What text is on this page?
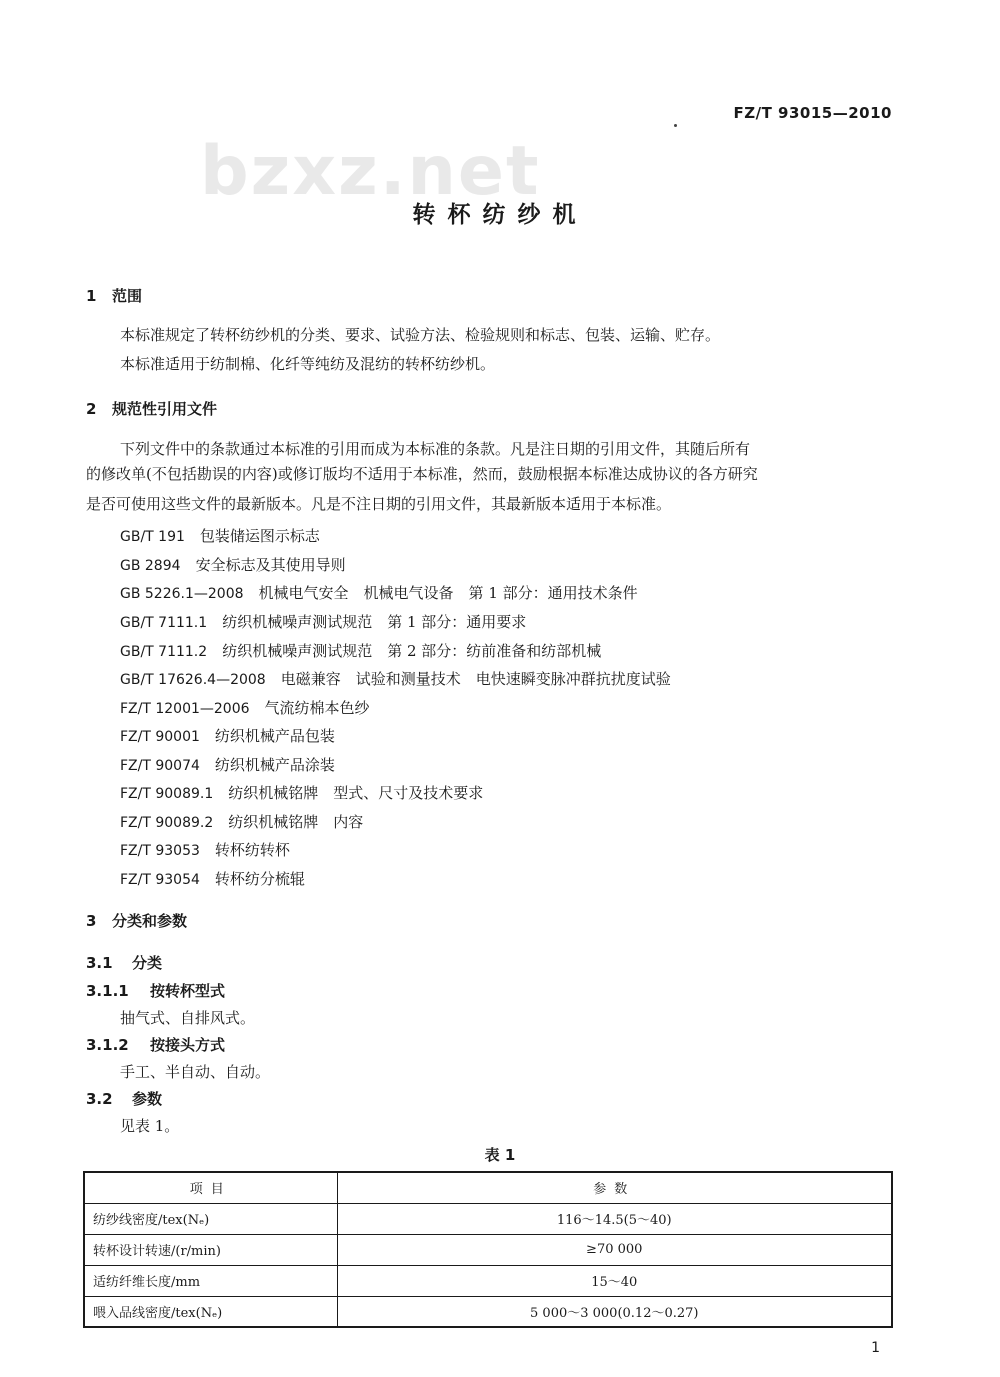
FZ/T 93015—2010
bzxz.net
转杯纺纱机
1 范围
本标准规定了转杯纺纱机的分类、要求、试验方法、检验规则和标志、包装、运输、贮存。
本标准适用于纺制棉、化纤等纯纺及混纺的转杯纺纱机。
2 规范性引用文件
下列文件中的条款通过本标准的引用而成为本标准的条款。凡是注日期的引用文件，其随后所有
的修改单(不包括勘误的内容)或修订版均不适用于本标准，然而，鼓励根据本标准达成协议的各方研究
是否可使用这些文件的最新版本。凡是不注日期的引用文件，其最新版本适用于本标准。
GB/T 191　 包装储运图示标志
GB 2894　 安全标志及其使用导则
GB 5226.1—2008　 机械电气安全　机械电气设备　第 1 部分：通用技术条件
GB/T 7111.1　 纺织机械噪声测试规范　第 1 部分：通用要求
GB/T 7111.2　 纺织机械噪声测试规范　第 2 部分：纺前准备和纺部机械
GB/T 17626.4—2008　 电磁兼容　试验和测量技术　电快速瞬变脉冲群抗扰度试验
FZ/T 12001—2006　 气流纺棉本色纱
FZ/T 90001　 纺织机械产品包装
FZ/T 90074　 纺织机械产品涂装
FZ/T 90089.1　 纺织机械铭牌　型式、尺寸及技术要求
FZ/T 90089.2　 纺织机械铭牌　内容
FZ/T 93053　 转杯纺转杯
FZ/T 93054　 转杯纺分梳辊
3 分类和参数
3.1 分类
3.1.1 按转杯型式
抽气式、自排风式。
3.1.2 按接头方式
手工、半自动、自动。
3.2 参数
见表 1。
表 1
项目	参数
纺纱线密度/tex(Nₑ)	116～14.5(5～40)
转杯设计转速/(r/min)	≥70 000
适纺纤维长度/mm	15～40
喂入品线密度/tex(Nₑ)	5 000～3 000(0.12～0.27)
1
